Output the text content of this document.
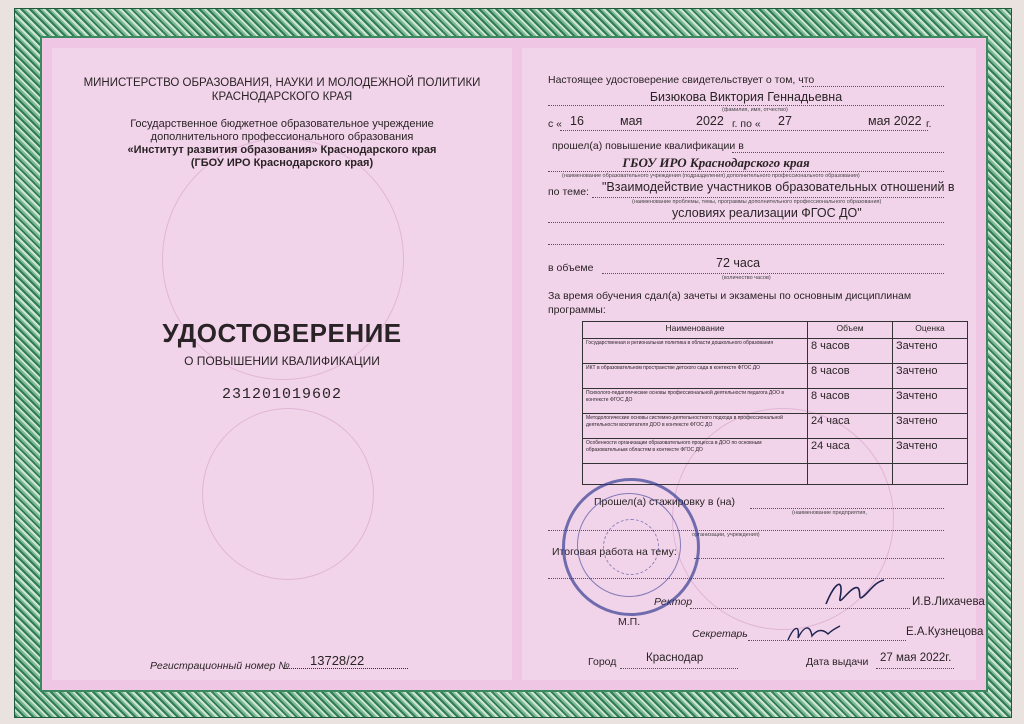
МИНИСТЕРСТВО ОБРАЗОВАНИЯ, НАУКИ И МОЛОДЕЖНОЙ ПОЛИТИКИ
КРАСНОДАРСКОГО КРАЯ
Государственное бюджетное образовательное учреждение
дополнительного профессионального образования
«Институт развития образования» Краснодарского края
(ГБОУ ИРО Краснодарского края)
УДОСТОВЕРЕНИЕ
О ПОВЫШЕНИИ КВАЛИФИКАЦИИ
231201019602
Регистрационный номер № 13728/22
Настоящее удостоверение свидетельствует о том, что
Бизюкова Виктория Геннадьевна
(фамилия, имя, отчество)
с « 16	мая	2022 г. по « 27	мая 2022 г.
прошел(а) повышение квалификации в
ГБОУ ИРО Краснодарского края
(наименование образовательного учреждения (подразделения) дополнительного профессионального образования)
по теме: "Взаимодействие участников образовательных отношений в
(наименование проблемы, темы, программы дополнительного профессионального образования)
условиях реализации ФГОС ДО"
в объеме	72 часа
(количество часов)
За время обучения сдал(а) зачеты и экзамены по основным дисциплинам
программы:
Наименование	Объем	Оценка
Государственная и региональная политика в области дошкольного образования	8 часов	Зачтено
ИКТ в образовательном пространстве детского сада в контексте ФГОС ДО	8 часов	Зачтено
Психолого-педагогические основы профессиональной деятельности педагога ДОО в контексте ФГОС ДО	8 часов	Зачтено
Методологические основы системно-деятельностного подхода в профессиональной деятельности воспитателя ДОО в контексте ФГОС ДО	24 часа	Зачтено
Особенности организации образовательного процесса в ДОО по основным образовательным областям в контексте ФГОС ДО	24 часа	Зачтено

Прошел(а) стажировку в (на)
(наименование предприятия,
организации, учреждения)
Итоговая работа на тему:
Ректор	И.В.Лихачева
М.П.
Секретарь	Е.А.Кузнецова
Город	Краснодар	Дата выдачи 27 мая 2022г.
